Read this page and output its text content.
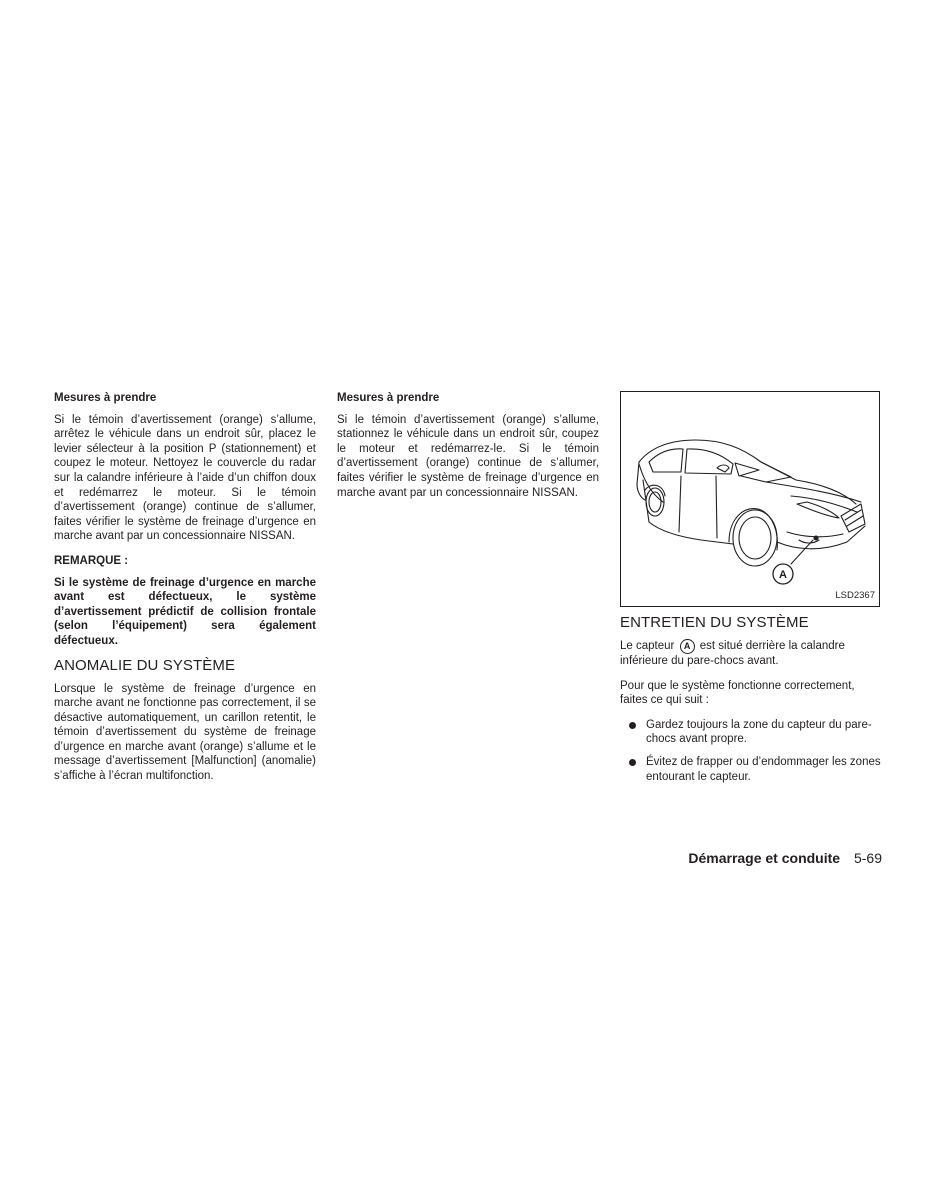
Mesures à prendre

Si le témoin d’avertissement (orange) s’allume, arrêtez le véhicule dans un endroit sûr, placez le levier sélecteur à la position P (stationnement) et coupez le moteur. Nettoyez le couvercle du radar sur la calandre inférieure à l’aide d’un chiffon doux et redémarrez le moteur. Si le témoin d’avertissement (orange) continue de s’allumer, faites vérifier le système de freinage d’urgence en marche avant par un concessionnaire NISSAN.

REMARQUE :
Si le système de freinage d’urgence en marche avant est défectueux, le système d’avertissement prédictif de collision frontale (selon l’équipement) sera également défectueux.
ANOMALIE DU SYSTÈME

Lorsque le système de freinage d’urgence en marche avant ne fonctionne pas correctement, il se désactive automatiquement, un carillon retentit, le témoin d’avertissement du système de freinage d’urgence en marche avant (orange) s’allume et le message d’avertissement [Malfunction] (anomalie) s’affiche à l’écran multifonction.

Mesures à prendre

Si le témoin d’avertissement (orange) s’allume, stationnez le véhicule dans un endroit sûr, coupez le moteur et redémarrez-le. Si le témoin d’avertissement (orange) continue de s’allumer, faites vérifier le système de freinage d’urgence en marche avant par un concessionnaire NISSAN.

A
LSD2367
ENTRETIEN DU SYSTÈME

Le capteur A est situé derrière la calandre inférieure du pare-chocs avant.

Pour que le système fonctionne correctement, faites ce qui suit :

Gardez toujours la zone du capteur du pare-chocs avant propre.
Évitez de frapper ou d’endommager les zones entourant le capteur.
Démarrage et conduite 5-69
